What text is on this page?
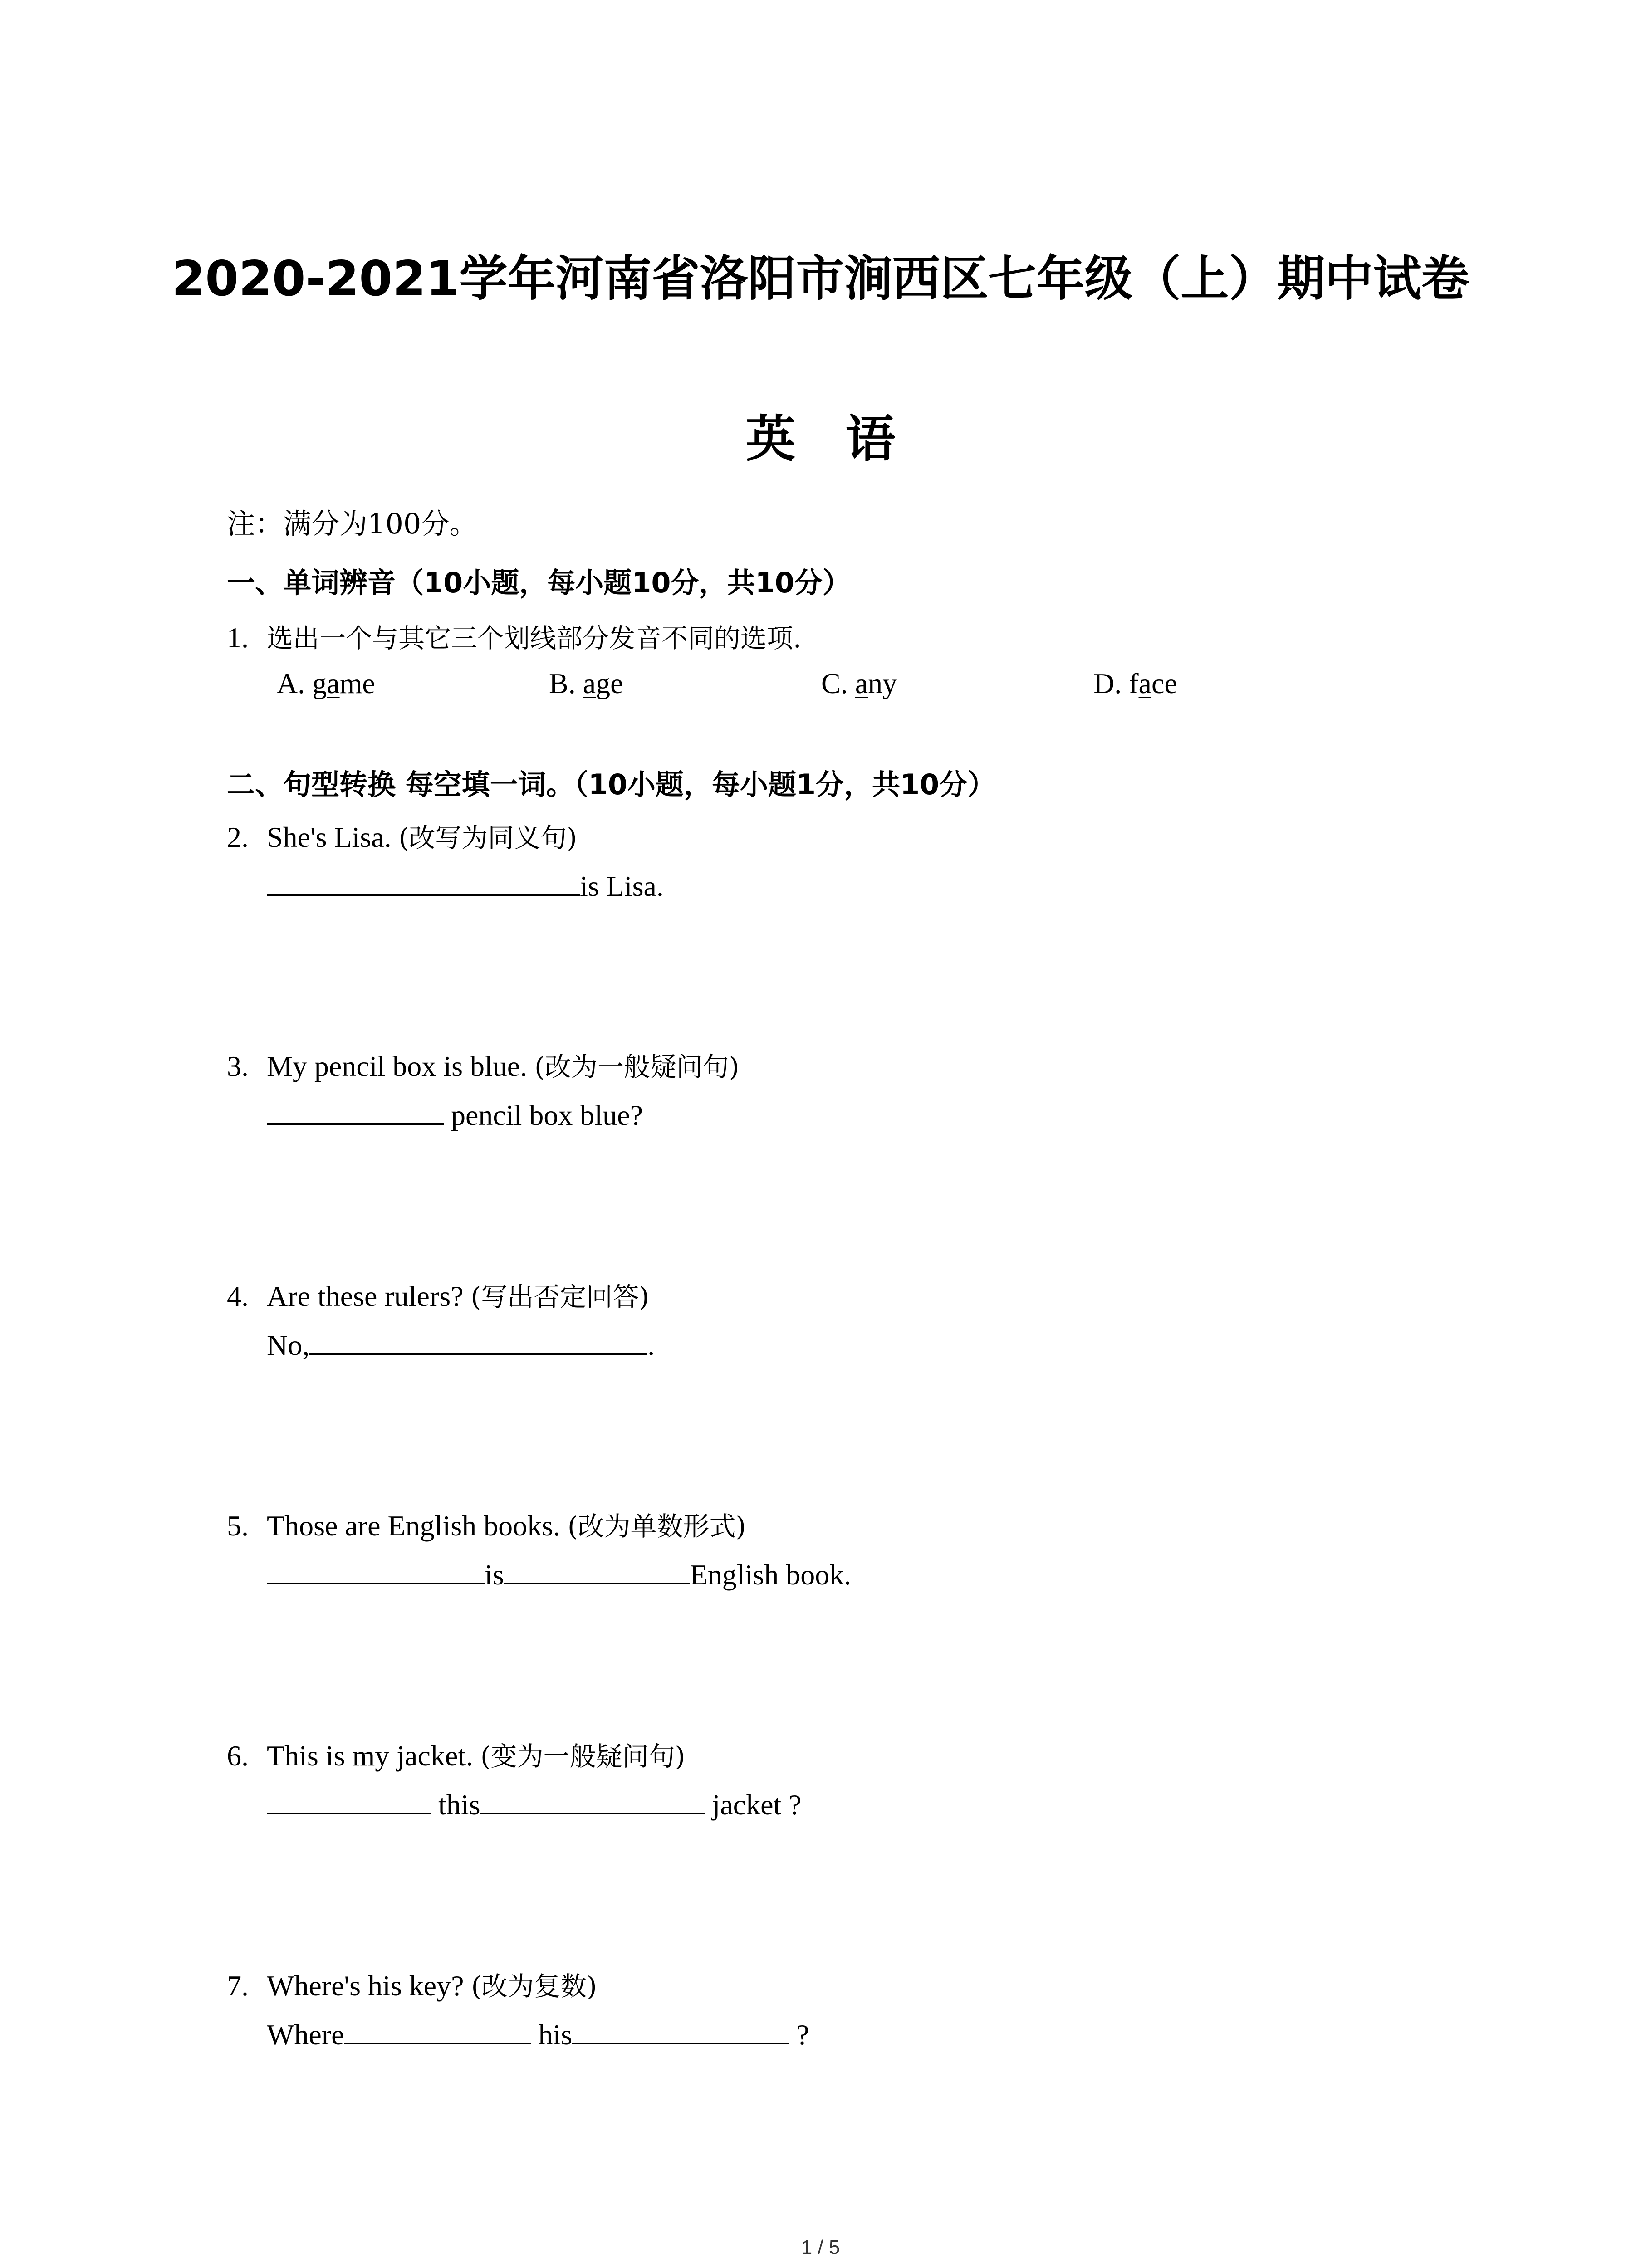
2020-2021学年河南省洛阳市涧西区七年级（上）期中试卷
英语

注：满分为100分。

一、单词辨音（10小题，每小题10分，共10分）

1. 选出一个与其它三个划线部分发音不同的选项.

A. game	B. age	C. any	D. face

二、句型转换 每空填一词。（10小题，每小题1分，共10分）

2. She's Lisa. (改写为同义句)

is Lisa.

3. My pencil box is blue. (改为一般疑问句)

pencil box blue?

4. Are these rulers? (写出否定回答)

No,	.

5. Those are English books. (改为单数形式)

is	English book.

6. This is my jacket. (变为一般疑问句)

this	jacket ?

7. Where's his key? (改为复数)

Where	his	?

1 / 5
